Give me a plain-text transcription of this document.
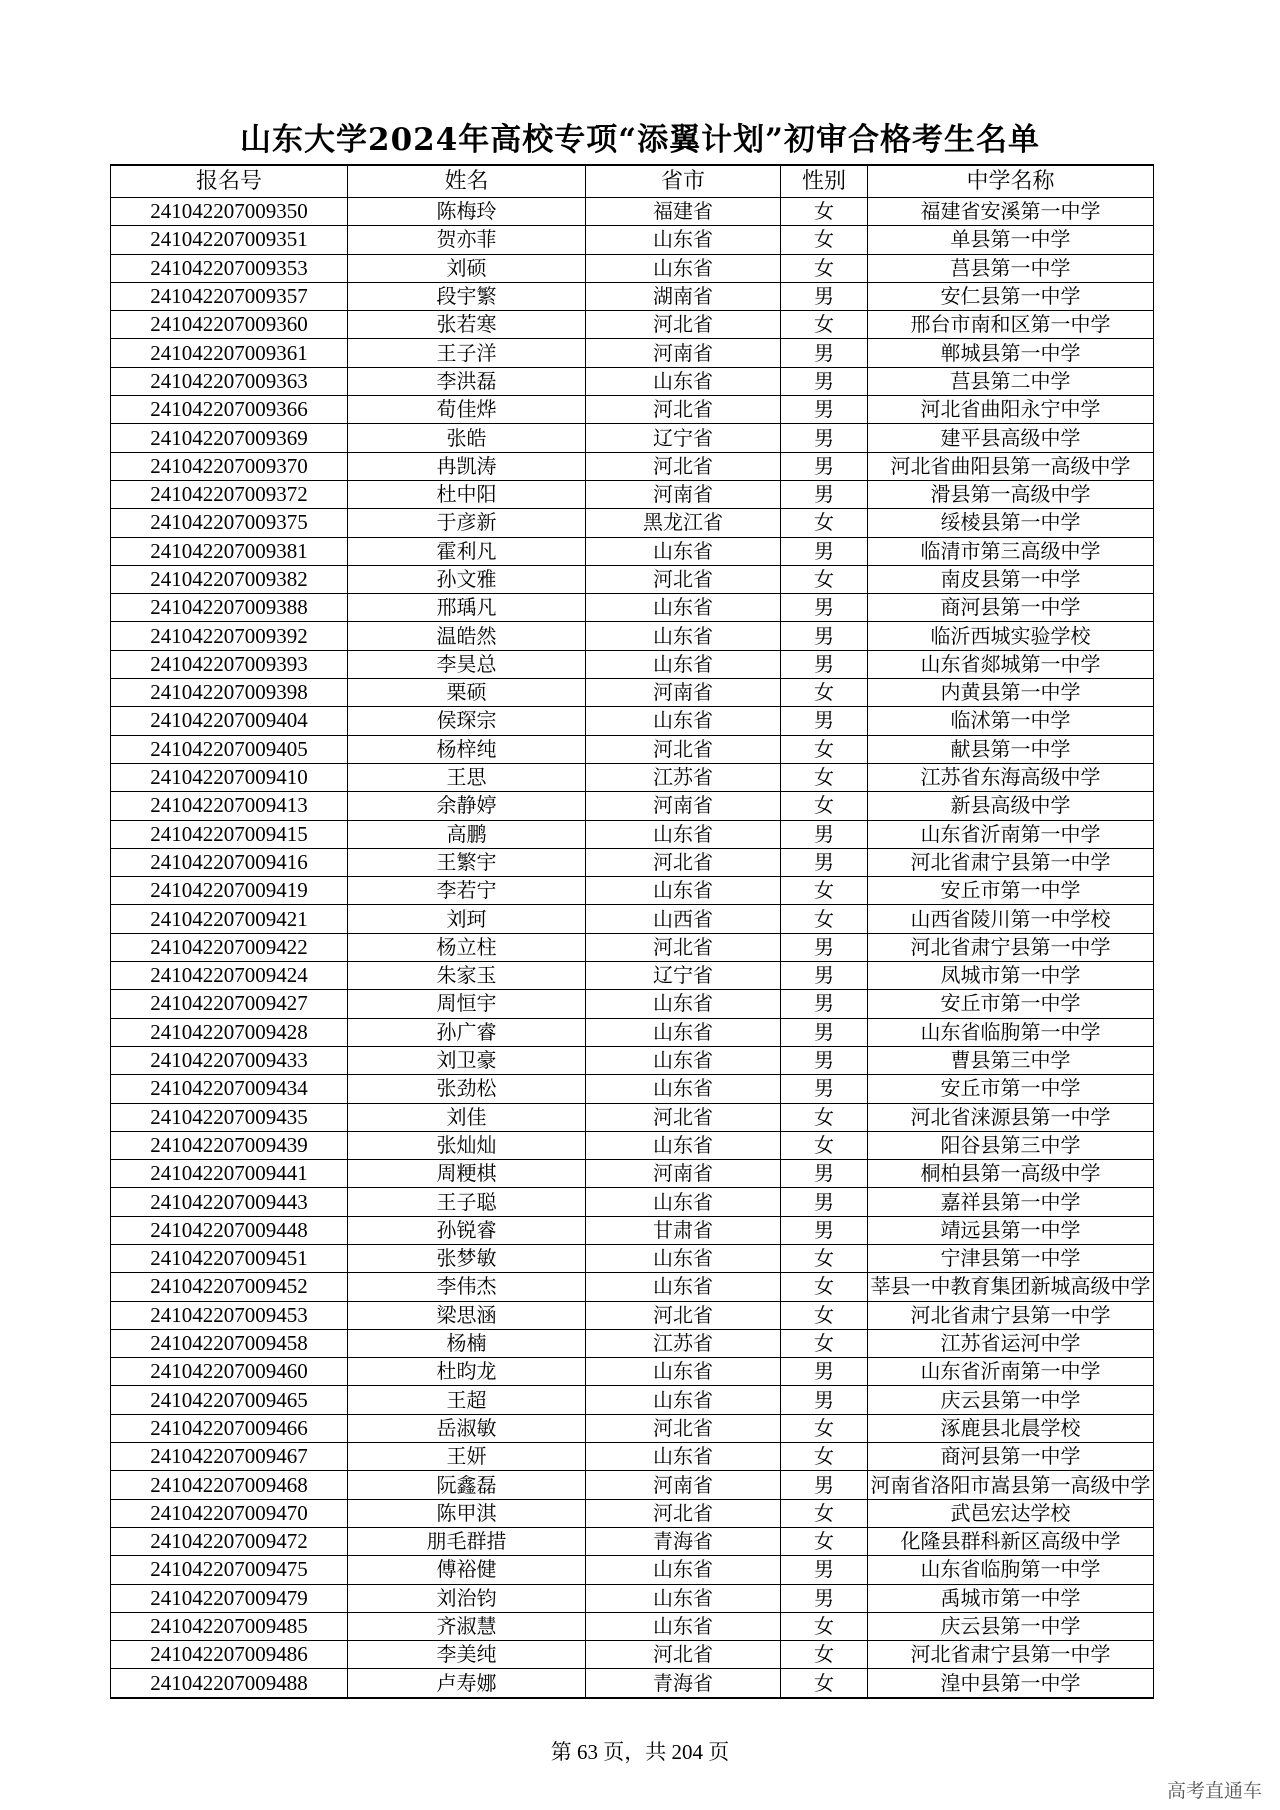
山东大学2024年高校专项“添翼计划”初审合格考生名单
报名号	姓名	省市	性别	中学名称
241042207009350	陈梅玲	福建省	女	福建省安溪第一中学
241042207009351	贺亦菲	山东省	女	单县第一中学
241042207009353	刘硕	山东省	女	莒县第一中学
241042207009357	段宇繁	湖南省	男	安仁县第一中学
241042207009360	张若寒	河北省	女	邢台市南和区第一中学
241042207009361	王子洋	河南省	男	郸城县第一中学
241042207009363	李洪磊	山东省	男	莒县第二中学
241042207009366	荀佳烨	河北省	男	河北省曲阳永宁中学
241042207009369	张皓	辽宁省	男	建平县高级中学
241042207009370	冉凯涛	河北省	男	河北省曲阳县第一高级中学
241042207009372	杜中阳	河南省	男	滑县第一高级中学
241042207009375	于彦新	黑龙江省	女	绥棱县第一中学
241042207009381	霍利凡	山东省	男	临清市第三高级中学
241042207009382	孙文雅	河北省	女	南皮县第一中学
241042207009388	邢瑀凡	山东省	男	商河县第一中学
241042207009392	温皓然	山东省	男	临沂西城实验学校
241042207009393	李昊总	山东省	男	山东省郯城第一中学
241042207009398	栗硕	河南省	女	内黄县第一中学
241042207009404	侯琛宗	山东省	男	临沭第一中学
241042207009405	杨梓纯	河北省	女	献县第一中学
241042207009410	王思	江苏省	女	江苏省东海高级中学
241042207009413	余静婷	河南省	女	新县高级中学
241042207009415	高鹏	山东省	男	山东省沂南第一中学
241042207009416	王繁宇	河北省	男	河北省肃宁县第一中学
241042207009419	李若宁	山东省	女	安丘市第一中学
241042207009421	刘珂	山西省	女	山西省陵川第一中学校
241042207009422	杨立柱	河北省	男	河北省肃宁县第一中学
241042207009424	朱家玉	辽宁省	男	凤城市第一中学
241042207009427	周恒宇	山东省	男	安丘市第一中学
241042207009428	孙广睿	山东省	男	山东省临朐第一中学
241042207009433	刘卫豪	山东省	男	曹县第三中学
241042207009434	张劲松	山东省	男	安丘市第一中学
241042207009435	刘佳	河北省	女	河北省涞源县第一中学
241042207009439	张灿灿	山东省	女	阳谷县第三中学
241042207009441	周粳棋	河南省	男	桐柏县第一高级中学
241042207009443	王子聪	山东省	男	嘉祥县第一中学
241042207009448	孙锐睿	甘肃省	男	靖远县第一中学
241042207009451	张梦敏	山东省	女	宁津县第一中学
241042207009452	李伟杰	山东省	女	莘县一中教育集团新城高级中学
241042207009453	梁思涵	河北省	女	河北省肃宁县第一中学
241042207009458	杨楠	江苏省	女	江苏省运河中学
241042207009460	杜昀龙	山东省	男	山东省沂南第一中学
241042207009465	王超	山东省	男	庆云县第一中学
241042207009466	岳淑敏	河北省	女	涿鹿县北晨学校
241042207009467	王妍	山东省	女	商河县第一中学
241042207009468	阮鑫磊	河南省	男	河南省洛阳市嵩县第一高级中学
241042207009470	陈甲淇	河北省	女	武邑宏达学校
241042207009472	朋毛群措	青海省	女	化隆县群科新区高级中学
241042207009475	傅裕健	山东省	男	山东省临朐第一中学
241042207009479	刘治钧	山东省	男	禹城市第一中学
241042207009485	齐淑慧	山东省	女	庆云县第一中学
241042207009486	李美纯	河北省	女	河北省肃宁县第一中学
241042207009488	卢寿娜	青海省	女	湟中县第一中学
第 63 页，共 204 页
高考直通车
